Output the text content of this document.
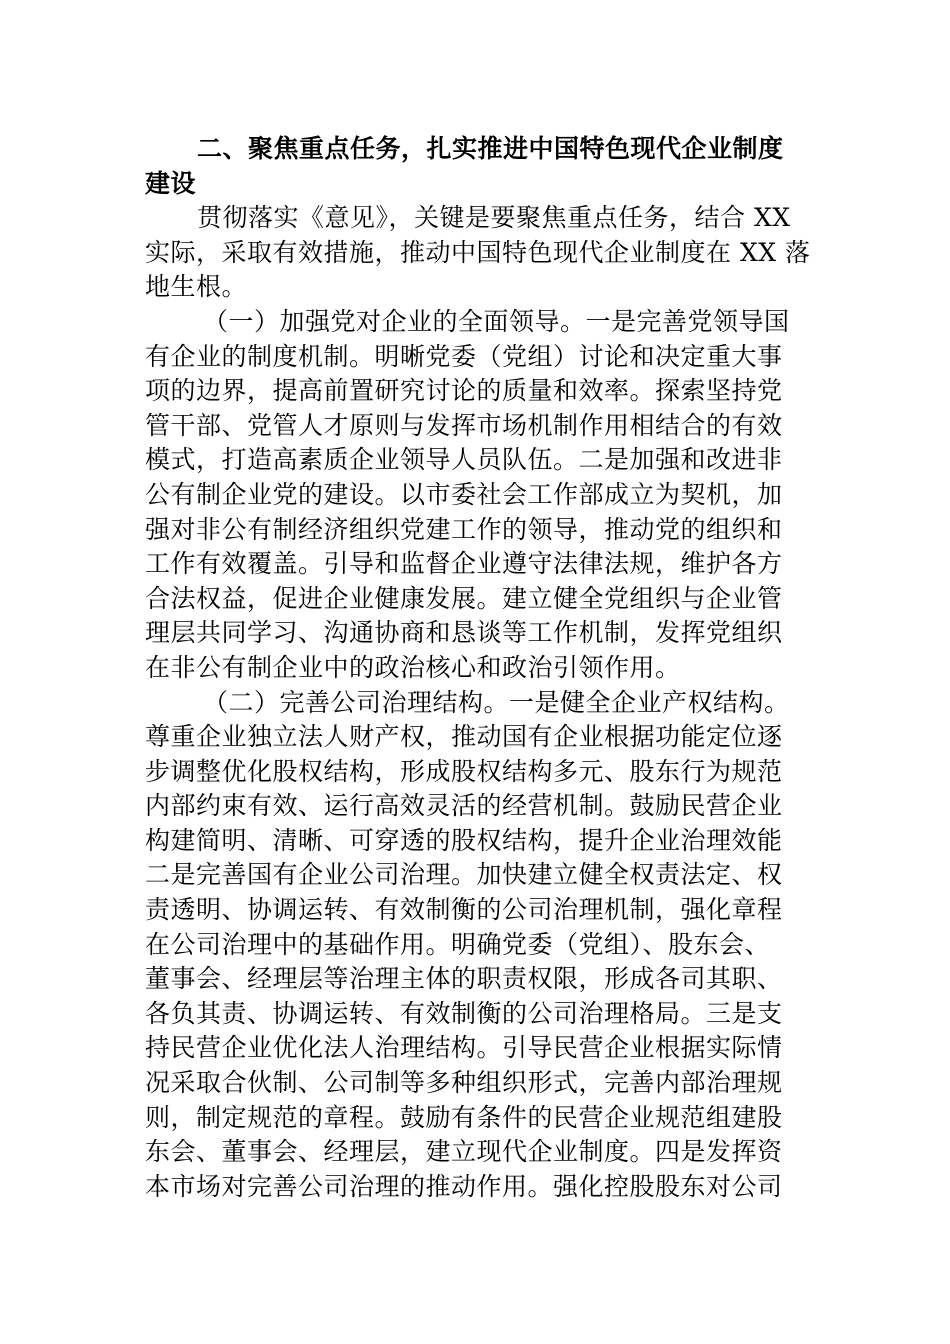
二、聚焦重点任务，扎实推进中国特色现代企业制度
建设
贯彻落实《意见》，关键是要聚焦重点任务，结合 XX
实际，采取有效措施，推动中国特色现代企业制度在 XX 落
地生根。
（一）加强党对企业的全面领导。一是完善党领导国
有企业的制度机制。明晰党委（党组）讨论和决定重大事
项的边界，提高前置研究讨论的质量和效率。探索坚持党
管干部、党管人才原则与发挥市场机制作用相结合的有效
模式，打造高素质企业领导人员队伍。二是加强和改进非
公有制企业党的建设。以市委社会工作部成立为契机，加
强对非公有制经济组织党建工作的领导，推动党的组织和
工作有效覆盖。引导和监督企业遵守法律法规，维护各方
合法权益，促进企业健康发展。建立健全党组织与企业管
理层共同学习、沟通协商和恳谈等工作机制，发挥党组织
在非公有制企业中的政治核心和政治引领作用。
（二）完善公司治理结构。一是健全企业产权结构。
尊重企业独立法人财产权，推动国有企业根据功能定位逐
步调整优化股权结构，形成股权结构多元、股东行为规范
内部约束有效、运行高效灵活的经营机制。鼓励民营企业
构建简明、清晰、可穿透的股权结构，提升企业治理效能
二是完善国有企业公司治理。加快建立健全权责法定、权
责透明、协调运转、有效制衡的公司治理机制，强化章程
在公司治理中的基础作用。明确党委（党组）、股东会、
董事会、经理层等治理主体的职责权限，形成各司其职、
各负其责、协调运转、有效制衡的公司治理格局。三是支
持民营企业优化法人治理结构。引导民营企业根据实际情
况采取合伙制、公司制等多种组织形式，完善内部治理规
则，制定规范的章程。鼓励有条件的民营企业规范组建股
东会、董事会、经理层，建立现代企业制度。四是发挥资
本市场对完善公司治理的推动作用。强化控股股东对公司
